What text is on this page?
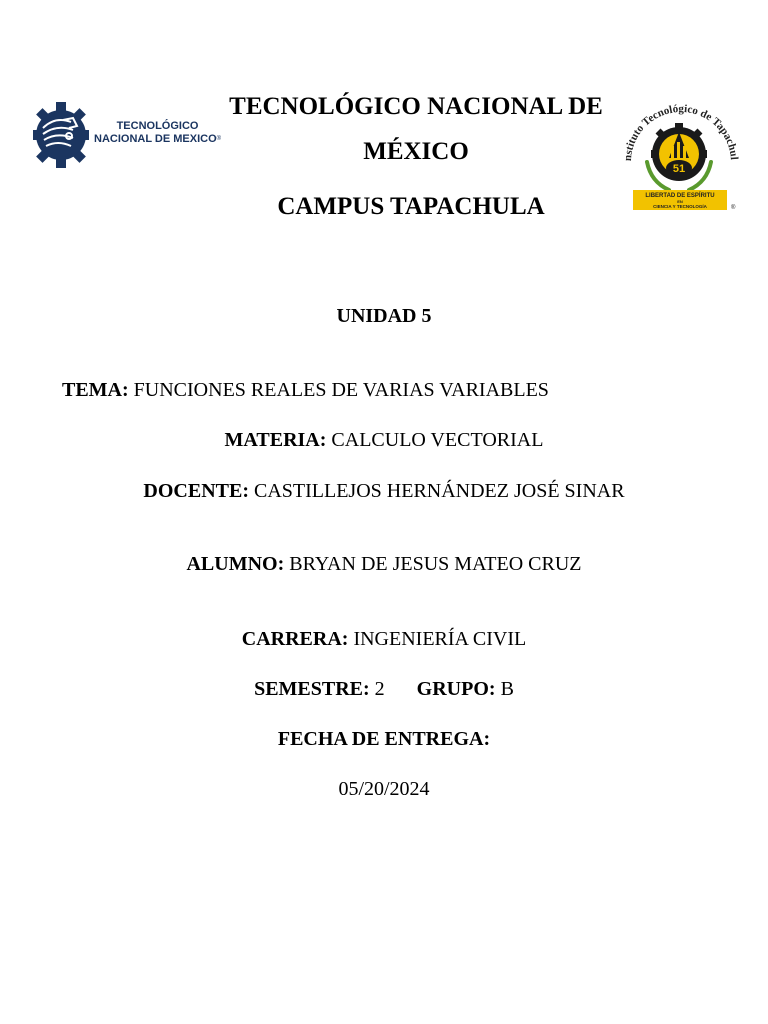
TECNOLÓGICO
NACIONAL DE MEXICO®
nstituto Tecnológico de Tapachul
51
LIBERTAD DE ESPÍRITU
EN
CIENCIA Y TECNOLOGÍA	®
TECNOLÓGICO NACIONAL DE
MÉXICO
CAMPUS TAPACHULA
UNIDAD 5
TEMA: FUNCIONES REALES DE VARIAS VARIABLES
MATERIA: CALCULO VECTORIAL
DOCENTE: CASTILLEJOS HERNÁNDEZ JOSÉ SINAR
ALUMNO: BRYAN DE JESUS MATEO CRUZ
CARRERA: INGENIERÍA CIVIL
SEMESTRE: 2 GRUPO: B
FECHA DE ENTREGA:
05/20/2024
